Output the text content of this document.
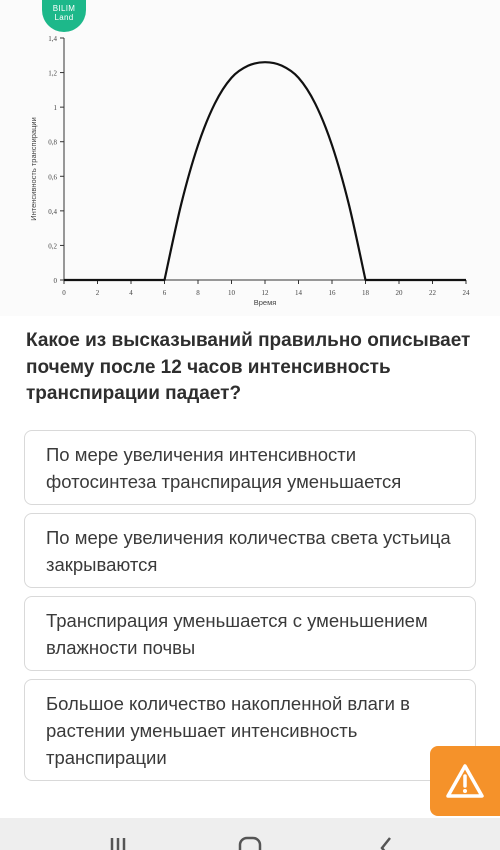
0	2	4	6	8	10	12	14	16	18	20	22	24
0
0,2
0,4
0,6
0,8
1
1,2
1,4
Время
Интенсивность транспирации
BILIM
Land

Какое из высказываний правильно описывает почему после 12 часов интенсивность транспирации падает?

По мере увеличения интенсивности фотосинтеза транспирация уменьшается
По мере увеличения количества света устьица закрываются
Транспирация уменьшается с уменьшением влажности почвы
Большое количество накопленной влаги в растении уменьшает интенсивность транспирации
